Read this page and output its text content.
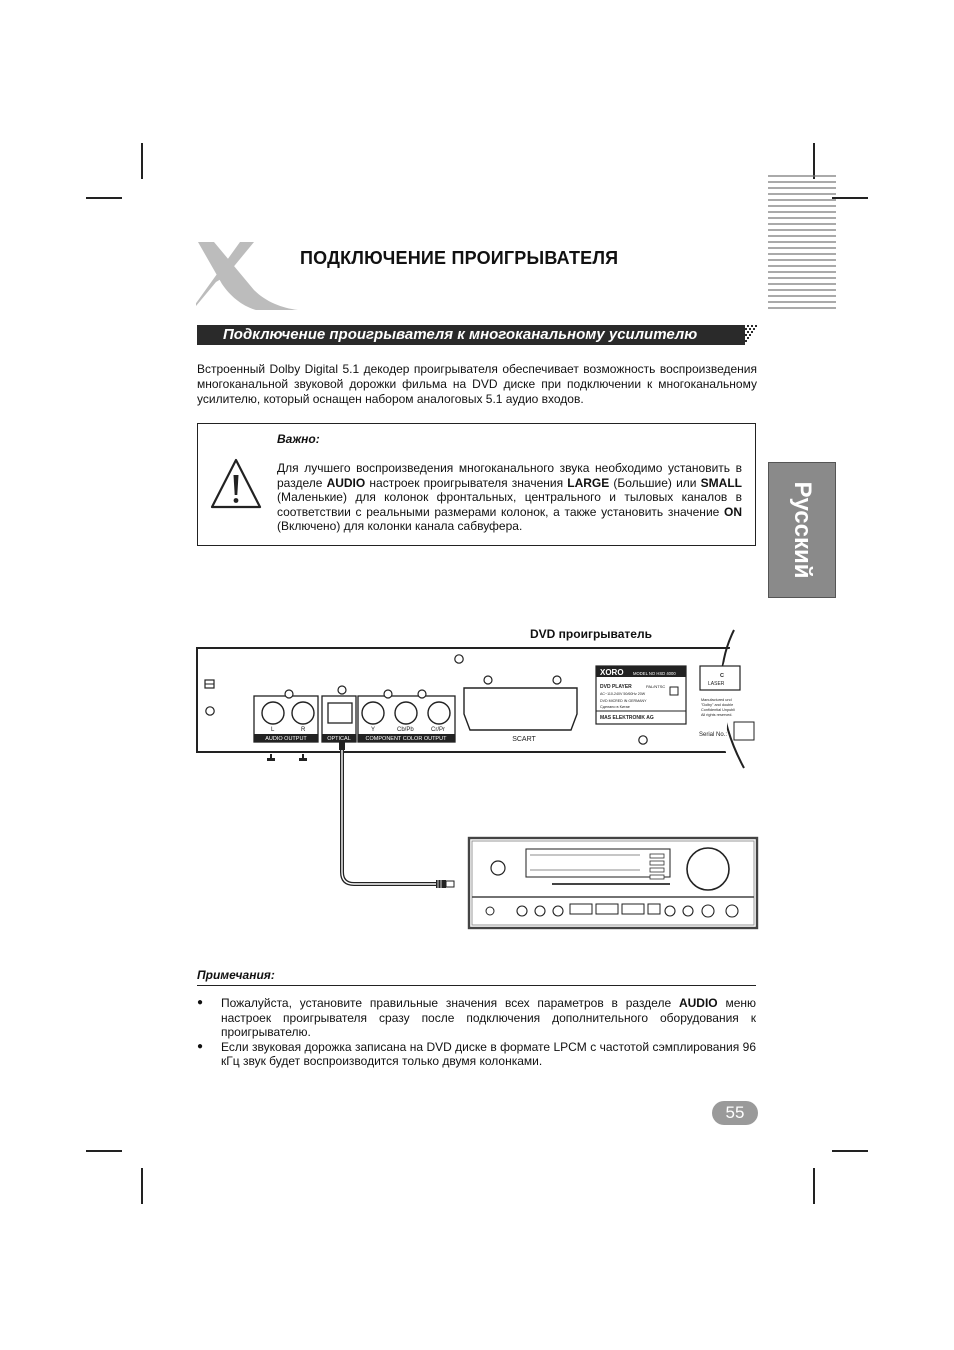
ПОДКЛЮЧЕНИЕ ПРОИГРЫВАТЕЛЯ
Подключение проигрывателя к многоканальному усилителю
Встроенный Dolby Digital 5.1 декодер проигрывателя обеспечивает возможность воспроизведения многоканальной звуковой дорожки фильма на DVD диске при подключении к многоканальному усилителю, который оснащен набором аналоговых 5.1 аудио входов.
Важно:
Для лучшего воспроизведения многоканального звука необходимо установить в разделе AUDIO настроек проигрывателя значения LARGE (Большие) или SMALL (Маленькие) для колонок фронтальных, центрального и тыловых каналов в соответствии с реальными размерами колонок, а также установить значение ON (Включено) для колонки канала сабвуфера.	Русский
DVD проигрыватель
L	R
AUDIO OUTPUT	OPTICAL
Y	Cb/Pb	Cr/Pr
COMPONENT COLOR OUTPUT	SCART
XORO MODEL NO HSD 4000
DVD PLAYER	PAL/NTSC
AC~110-240V 50/60Hz 20W
DVD MICRED IN GERMANY
Сделано в Китае
MAS ELEKTRONIK AG
C
LASER
Manufactured und
"Dolby" and double
Confidential Unpubli
All rights reserved.
Serial No.:
Примечания:
● Пожалуйста, установите правильные значения всех параметров в разделе AUDIO меню настроек проигрывателя сразу после подключения дополнительного оборудования к проигрывателю.
● Если звуковая дорожка записана на DVD диске в формате LPCM с частотой сэмплирования 96 кГц звук будет воспроизводится только двумя колонками.
55
